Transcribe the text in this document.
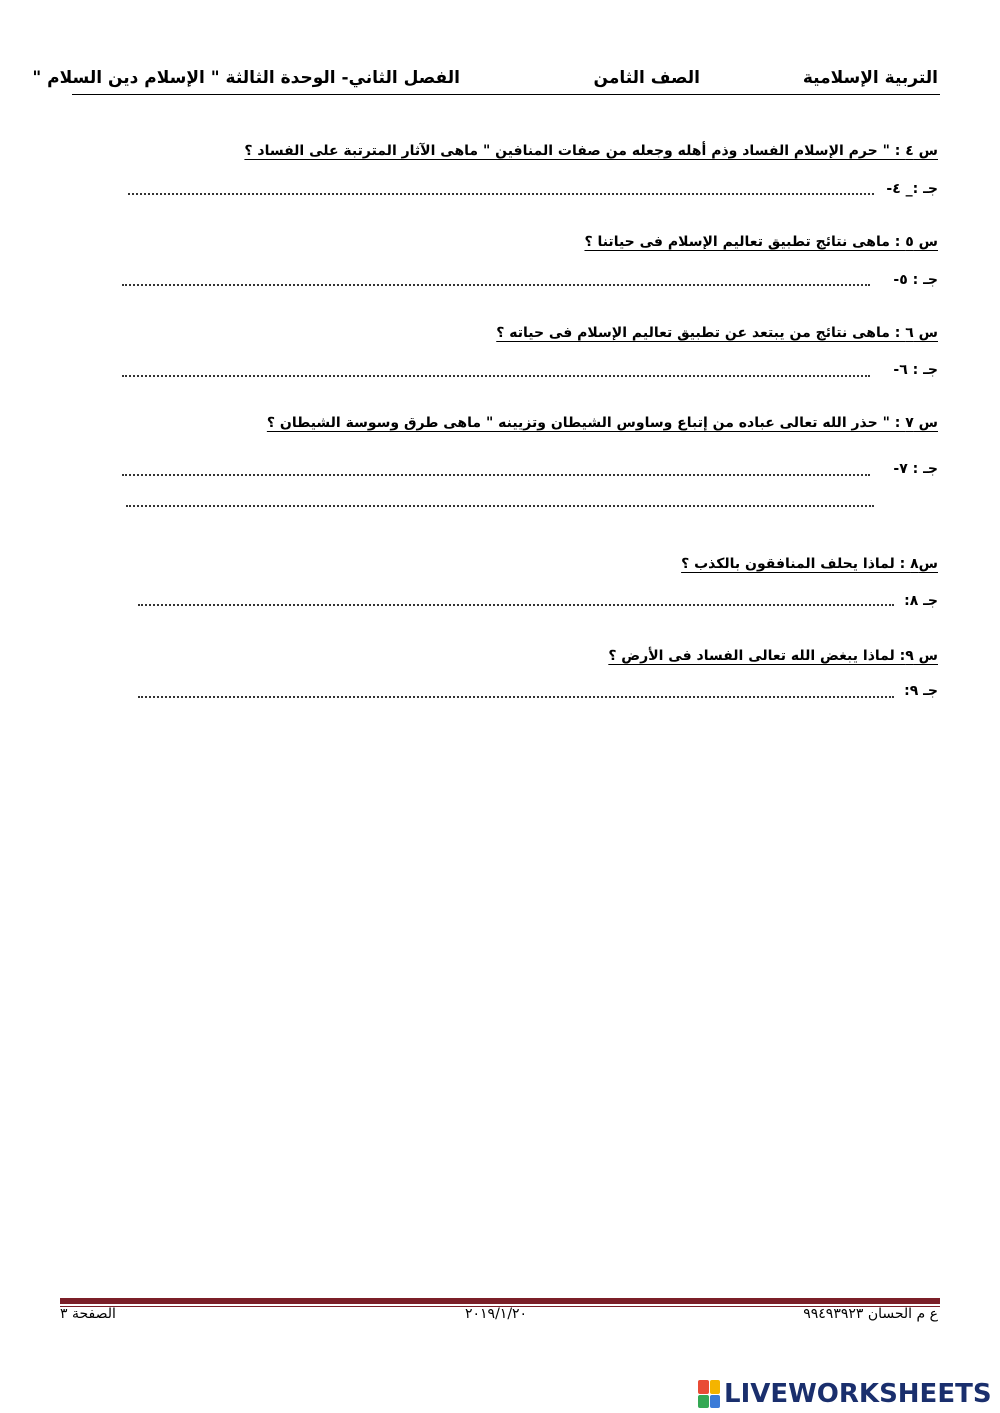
التربية الإسلامية
الصف الثامن
الفصل الثاني- الوحدة الثالثة " الإسلام دين السلام "
س ٤ : " حرم الإسلام الفساد وذم أهله وجعله من صفات المنافين " ماهى الآثار المترتبة على الفساد ؟
جـ :_ ٤-
س ٥ : ماهى نتائج تطبيق تعاليم الإسلام فى حياتنا ؟
جـ : ٥-
س ٦ : ماهى نتائج من يبتعد عن تطبيق تعاليم الإسلام فى حياته ؟
جـ : ٦-
س ٧ : " حذر الله تعالى عباده من إتباع وساوس الشيطان وتزيينه " ماهى طرق وسوسة الشيطان ؟
جـ : ٧-
س٨ : لماذا يحلف المنافقون بالكذب ؟
جـ ٨:
س ٩: لماذا يبغض الله تعالى الفساد فى الأرض ؟
جـ ٩:
ع م الحسان ٩٩٤٩٣٩٢٣
٢٠١٩/١/٢٠
الصفحة ٣
LIVEWORKSHEETS
